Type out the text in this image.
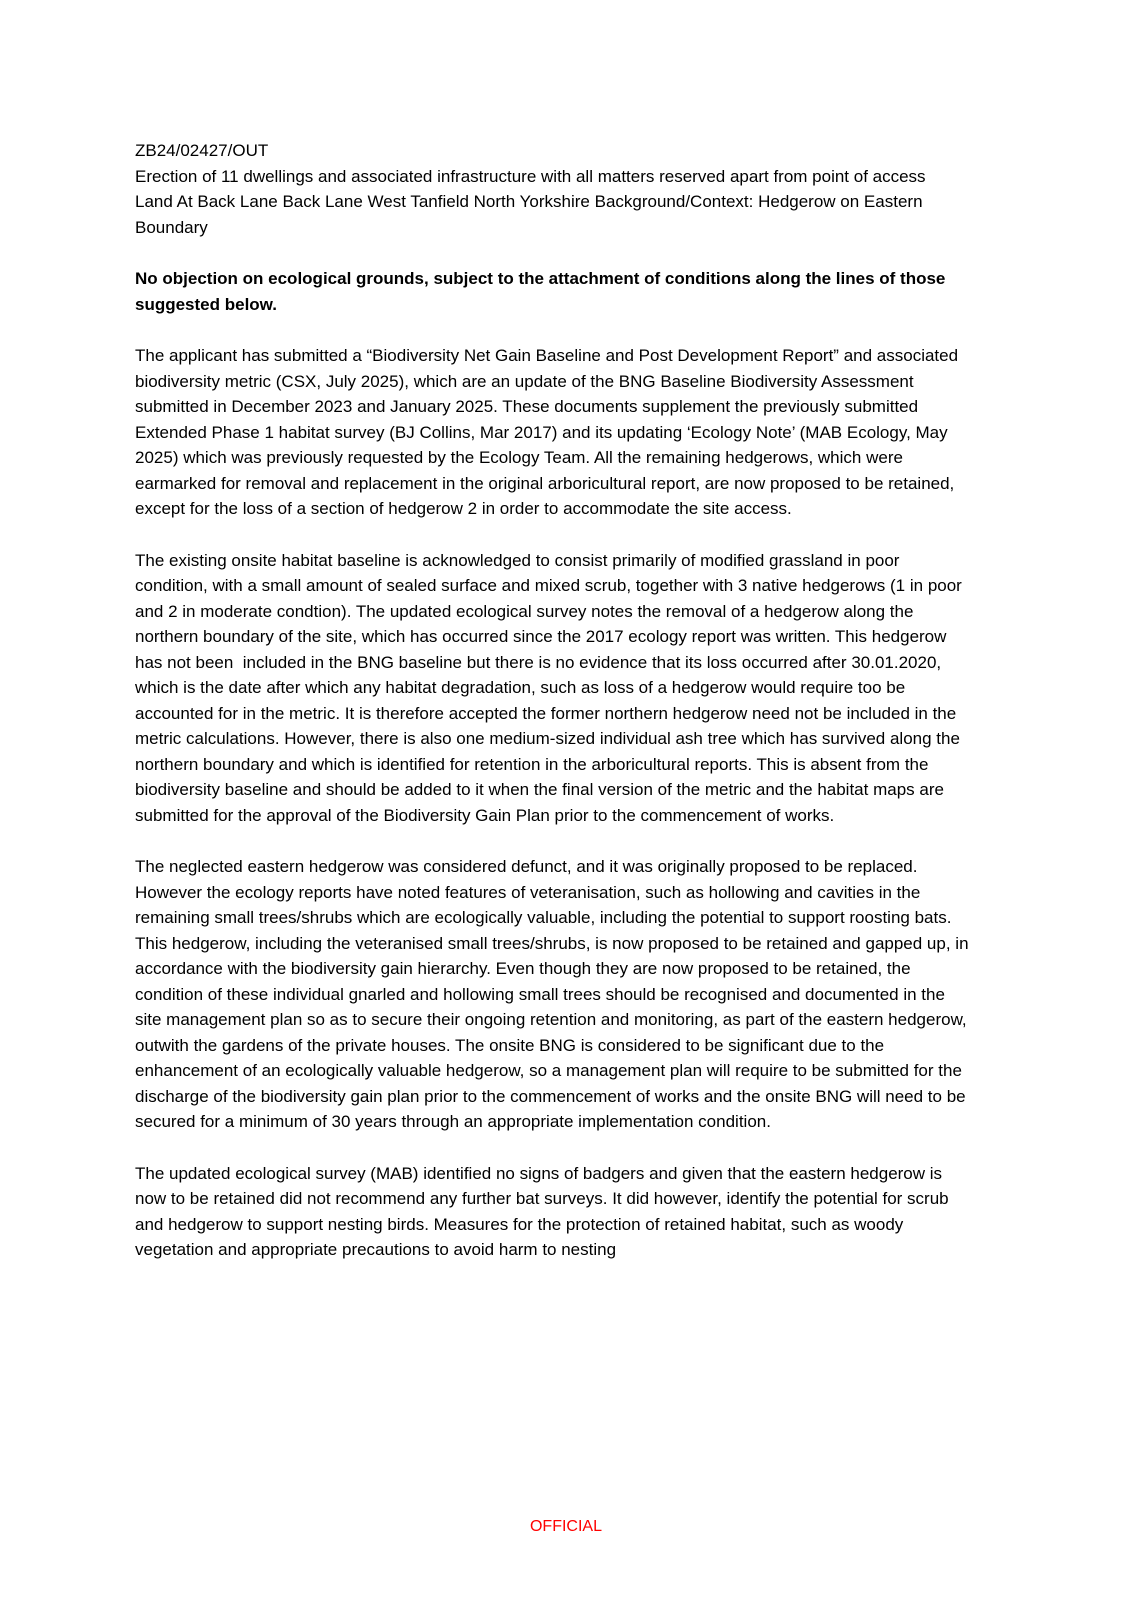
ZB24/02427/OUT
Erection of 11 dwellings and associated infrastructure with all matters reserved apart from point of access
Land At Back Lane Back Lane West Tanfield North Yorkshire Background/Context: Hedgerow on Eastern Boundary

No objection on ecological grounds, subject to the attachment of conditions along the lines of those suggested below.

The applicant has submitted a “Biodiversity Net Gain Baseline and Post Development Report” and associated biodiversity metric (CSX, July 2025), which are an update of the BNG Baseline Biodiversity Assessment submitted in December 2023 and January 2025. These documents supplement the previously submitted Extended Phase 1 habitat survey (BJ Collins, Mar 2017) and its updating ‘Ecology Note’ (MAB Ecology, May 2025) which was previously requested by the Ecology Team. All the remaining hedgerows, which were earmarked for removal and replacement in the original arboricultural report, are now proposed to be retained, except for the loss of a section of hedgerow 2 in order to accommodate the site access.

The existing onsite habitat baseline is acknowledged to consist primarily of modified grassland in poor condition, with a small amount of sealed surface and mixed scrub, together with 3 native hedgerows (1 in poor and 2 in moderate condtion). The updated ecological survey notes the removal of a hedgerow along the northern boundary of the site, which has occurred since the 2017 ecology report was written. This hedgerow has not been  included in the BNG baseline but there is no evidence that its loss occurred after 30.01.2020, which is the date after which any habitat degradation, such as loss of a hedgerow would require too be accounted for in the metric. It is therefore accepted the former northern hedgerow need not be included in the metric calculations. However, there is also one medium-sized individual ash tree which has survived along the northern boundary and which is identified for retention in the arboricultural reports. This is absent from the biodiversity baseline and should be added to it when the final version of the metric and the habitat maps are submitted for the approval of the Biodiversity Gain Plan prior to the commencement of works.

The neglected eastern hedgerow was considered defunct, and it was originally proposed to be replaced. However the ecology reports have noted features of veteranisation, such as hollowing and cavities in the remaining small trees/shrubs which are ecologically valuable, including the potential to support roosting bats. This hedgerow, including the veteranised small trees/shrubs, is now proposed to be retained and gapped up, in accordance with the biodiversity gain hierarchy. Even though they are now proposed to be retained, the condition of these individual gnarled and hollowing small trees should be recognised and documented in the site management plan so as to secure their ongoing retention and monitoring, as part of the eastern hedgerow, outwith the gardens of the private houses. The onsite BNG is considered to be significant due to the enhancement of an ecologically valuable hedgerow, so a management plan will require to be submitted for the discharge of the biodiversity gain plan prior to the commencement of works and the onsite BNG will need to be secured for a minimum of 30 years through an appropriate implementation condition.

The updated ecological survey (MAB) identified no signs of badgers and given that the eastern hedgerow is now to be retained did not recommend any further bat surveys. It did however, identify the potential for scrub and hedgerow to support nesting birds. Measures for the protection of retained habitat, such as woody vegetation and appropriate precautions to avoid harm to nesting

OFFICIAL
